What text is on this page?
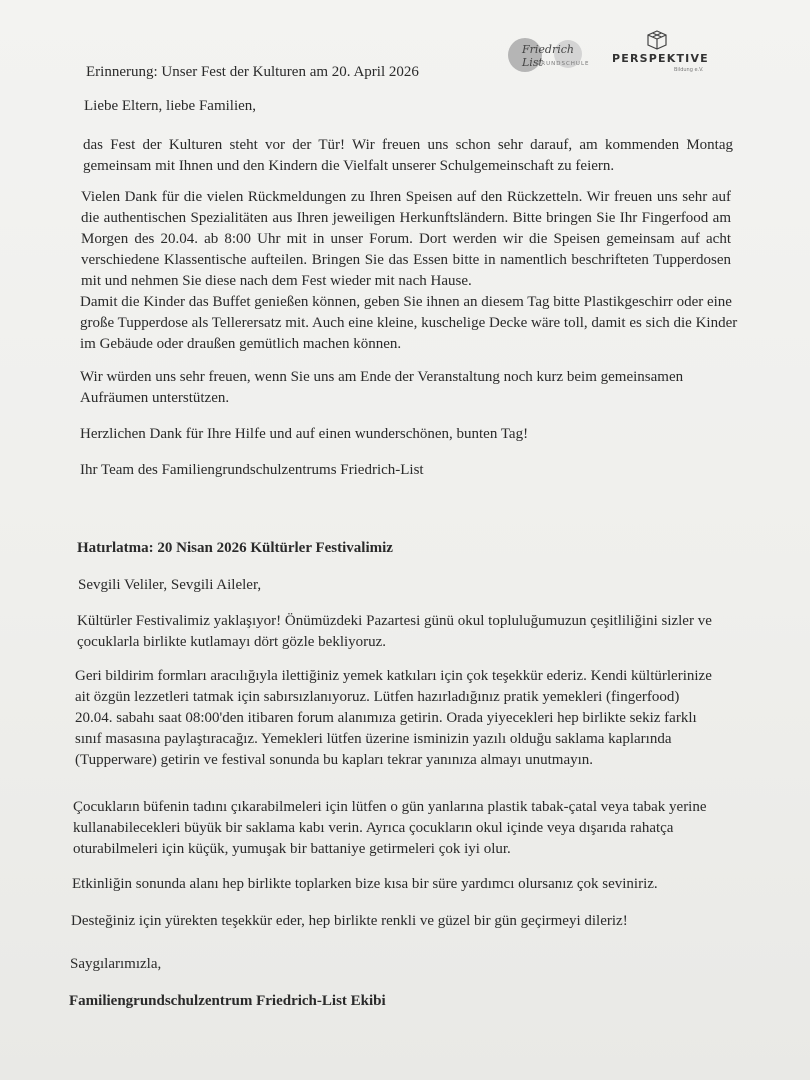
Friedrich List
GRUNDSCHULE PERSPEKTIVE
Bildung e.V.

Erinnerung: Unser Fest der Kulturen am 20. April 2026

Liebe Eltern, liebe Familien,

das Fest der Kulturen steht vor der Tür! Wir freuen uns schon sehr darauf, am kommenden Montag gemeinsam mit Ihnen und den Kindern die Vielfalt unserer Schulgemeinschaft zu feiern.

Vielen Dank für die vielen Rückmeldungen zu Ihren Speisen auf den Rückzetteln. Wir freuen uns sehr auf die authentischen Spezialitäten aus Ihren jeweiligen Herkunftsländern. Bitte bringen Sie Ihr Fingerfood am Morgen des 20.04. ab 8:00 Uhr mit in unser Forum. Dort werden wir die Speisen gemeinsam auf acht verschiedene Klassentische aufteilen. Bringen Sie das Essen bitte in namentlich beschrifteten Tupperdosen mit und nehmen Sie diese nach dem Fest wieder mit nach Hause.

Damit die Kinder das Buffet genießen können, geben Sie ihnen an diesem Tag bitte Plastikgeschirr oder eine große Tupperdose als Tellerersatz mit. Auch eine kleine, kuschelige Decke wäre toll, damit es sich die Kinder im Gebäude oder draußen gemütlich machen können.

Wir würden uns sehr freuen, wenn Sie uns am Ende der Veranstaltung noch kurz beim gemeinsamen Aufräumen unterstützen.

Herzlichen Dank für Ihre Hilfe und auf einen wunderschönen, bunten Tag!

Ihr Team des Familiengrundschulzentrums Friedrich-List

Hatırlatma: 20 Nisan 2026 Kültürler Festivalimiz

Sevgili Veliler, Sevgili Aileler,

Kültürler Festivalimiz yaklaşıyor! Önümüzdeki Pazartesi günü okul topluluğumuzun çeşitliliğini sizler ve çocuklarla birlikte kutlamayı dört gözle bekliyoruz.

Geri bildirim formları aracılığıyla ilettiğiniz yemek katkıları için çok teşekkür ederiz. Kendi kültürlerinize ait özgün lezzetleri tatmak için sabırsızlanıyoruz. Lütfen hazırladığınız pratik yemekleri (fingerfood) 20.04. sabahı saat 08:00'den itibaren forum alanımıza getirin. Orada yiyecekleri hep birlikte sekiz farklı sınıf masasına paylaştıracağız. Yemekleri lütfen üzerine isminizin yazılı olduğu saklama kaplarında (Tupperware) getirin ve festival sonunda bu kapları tekrar yanınıza almayı unutmayın.

Çocukların büfenin tadını çıkarabilmeleri için lütfen o gün yanlarına plastik tabak-çatal veya tabak yerine kullanabilecekleri büyük bir saklama kabı verin. Ayrıca çocukların okul içinde veya dışarıda rahatça oturabilmeleri için küçük, yumuşak bir battaniye getirmeleri çok iyi olur.

Etkinliğin sonunda alanı hep birlikte toplarken bize kısa bir süre yardımcı olursanız çok seviniriz.

Desteğiniz için yürekten teşekkür eder, hep birlikte renkli ve güzel bir gün geçirmeyi dileriz!

Saygılarımızla,

Familiengrundschulzentrum Friedrich-List Ekibi
